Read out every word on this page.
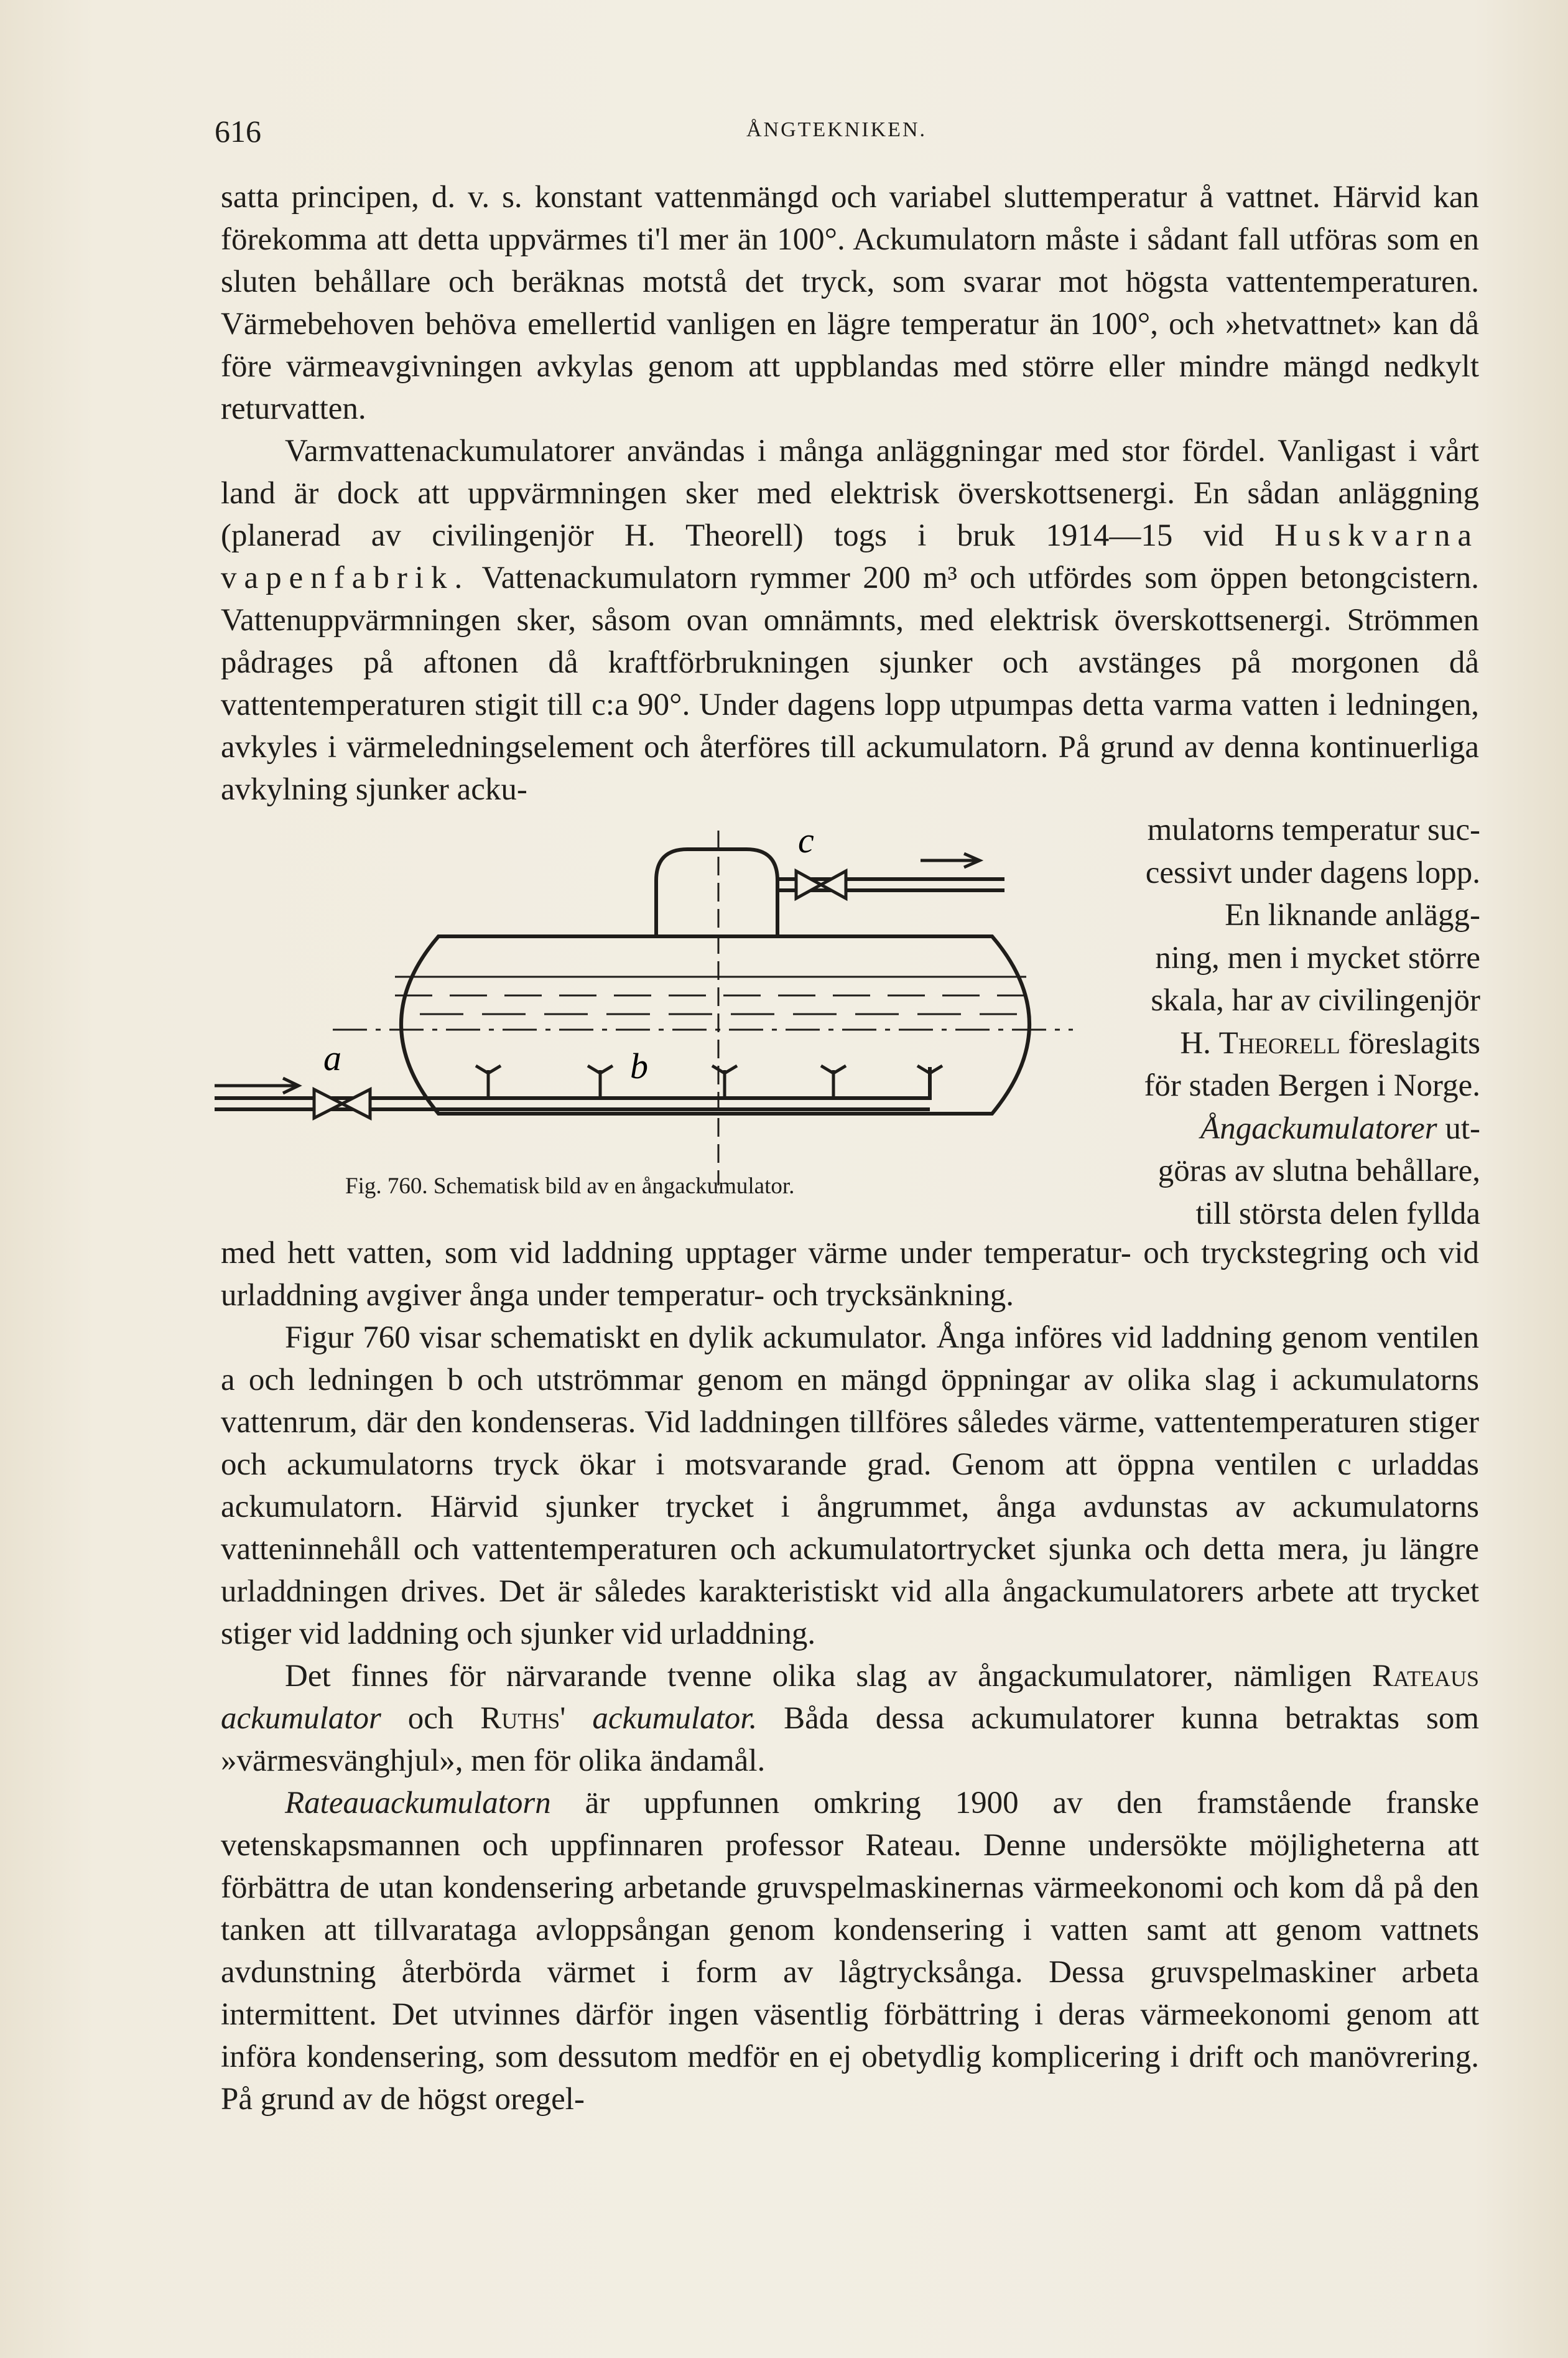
616	ÅNGTEKNIKEN.

satta principen, d. v. s. konstant vattenmängd och variabel sluttemperatur å vattnet. Härvid kan förekomma att detta uppvärmes ti'l mer än 100°. Ackumulatorn måste i sådant fall utföras som en sluten behållare och beräknas motstå det tryck, som svarar mot högsta vattentemperaturen. Värmebehoven behöva emellertid vanligen en lägre temperatur än 100°, och »hetvattnet» kan då före värmeavgivningen avkylas genom att uppblandas med större eller mindre mängd nedkylt returvatten.

Varmvattenackumulatorer användas i många anläggningar med stor fördel. Vanligast i vårt land är dock att uppvärmningen sker med elektrisk överskottsenergi. En sådan anläggning (planerad av civilingenjör H. Theorell) togs i bruk 1914—15 vid Huskvarna vapenfabrik. Vattenackumulatorn rymmer 200 m³ och utfördes som öppen betongcistern. Vattenuppvärmningen sker, såsom ovan omnämnts, med elektrisk överskottsenergi. Strömmen pådrages på aftonen då kraftförbrukningen sjunker och avstänges på morgonen då vattentemperaturen stigit till c:a 90°. Under dagens lopp utpumpas detta varma vatten i ledningen, avkyles i värmeledningselement och återföres till ackumulatorn. På grund av denna kontinuerliga avkylning sjunker acku-

mulatorns temperatur suc-
cessivt under dagens lopp.
En liknande anlägg-
ning, men i mycket större
skala, har av civilingenjör
H. Theorell föreslagits
för staden Bergen i Norge.
Ångackumulatorer ut-
göras av slutna behållare,
till största delen fyllda
a	b
c
Fig. 760. Schematisk bild av en ångackumulator.

med hett vatten, som vid laddning upptager värme under temperatur- och tryckstegring och vid urladdning avgiver ånga under temperatur- och trycksänkning.

Figur 760 visar schematiskt en dylik ackumulator. Ånga införes vid laddning genom ventilen a och ledningen b och utströmmar genom en mängd öppningar av olika slag i ackumulatorns vattenrum, där den kondenseras. Vid laddningen tillföres således värme, vattentemperaturen stiger och ackumulatorns tryck ökar i motsvarande grad. Genom att öppna ventilen c urladdas ackumulatorn. Härvid sjunker trycket i ångrummet, ånga avdunstas av ackumulatorns vatteninnehåll och vattentemperaturen och ackumulatortrycket sjunka och detta mera, ju längre urladdningen drives. Det är således karakteristiskt vid alla ångackumulatorers arbete att trycket stiger vid laddning och sjunker vid urladdning.

Det finnes för närvarande tvenne olika slag av ångackumulatorer, nämligen Rateaus ackumulator och Ruths' ackumulator. Båda dessa ackumulatorer kunna betraktas som »värmesvänghjul», men för olika ändamål.

Rateauackumulatorn är uppfunnen omkring 1900 av den framstående franske vetenskapsmannen och uppfinnaren professor Rateau. Denne undersökte möjligheterna att förbättra de utan kondensering arbetande gruvspelmaskinernas värmeekonomi och kom då på den tanken att tillvarataga avloppsångan genom kondensering i vatten samt att genom vattnets avdunstning återbörda värmet i form av lågtrycksånga. Dessa gruvspelmaskiner arbeta intermittent. Det utvinnes därför ingen väsentlig förbättring i deras värmeekonomi genom att införa kondensering, som dessutom medför en ej obetydlig komplicering i drift och manövrering. På grund av de högst oregel-
